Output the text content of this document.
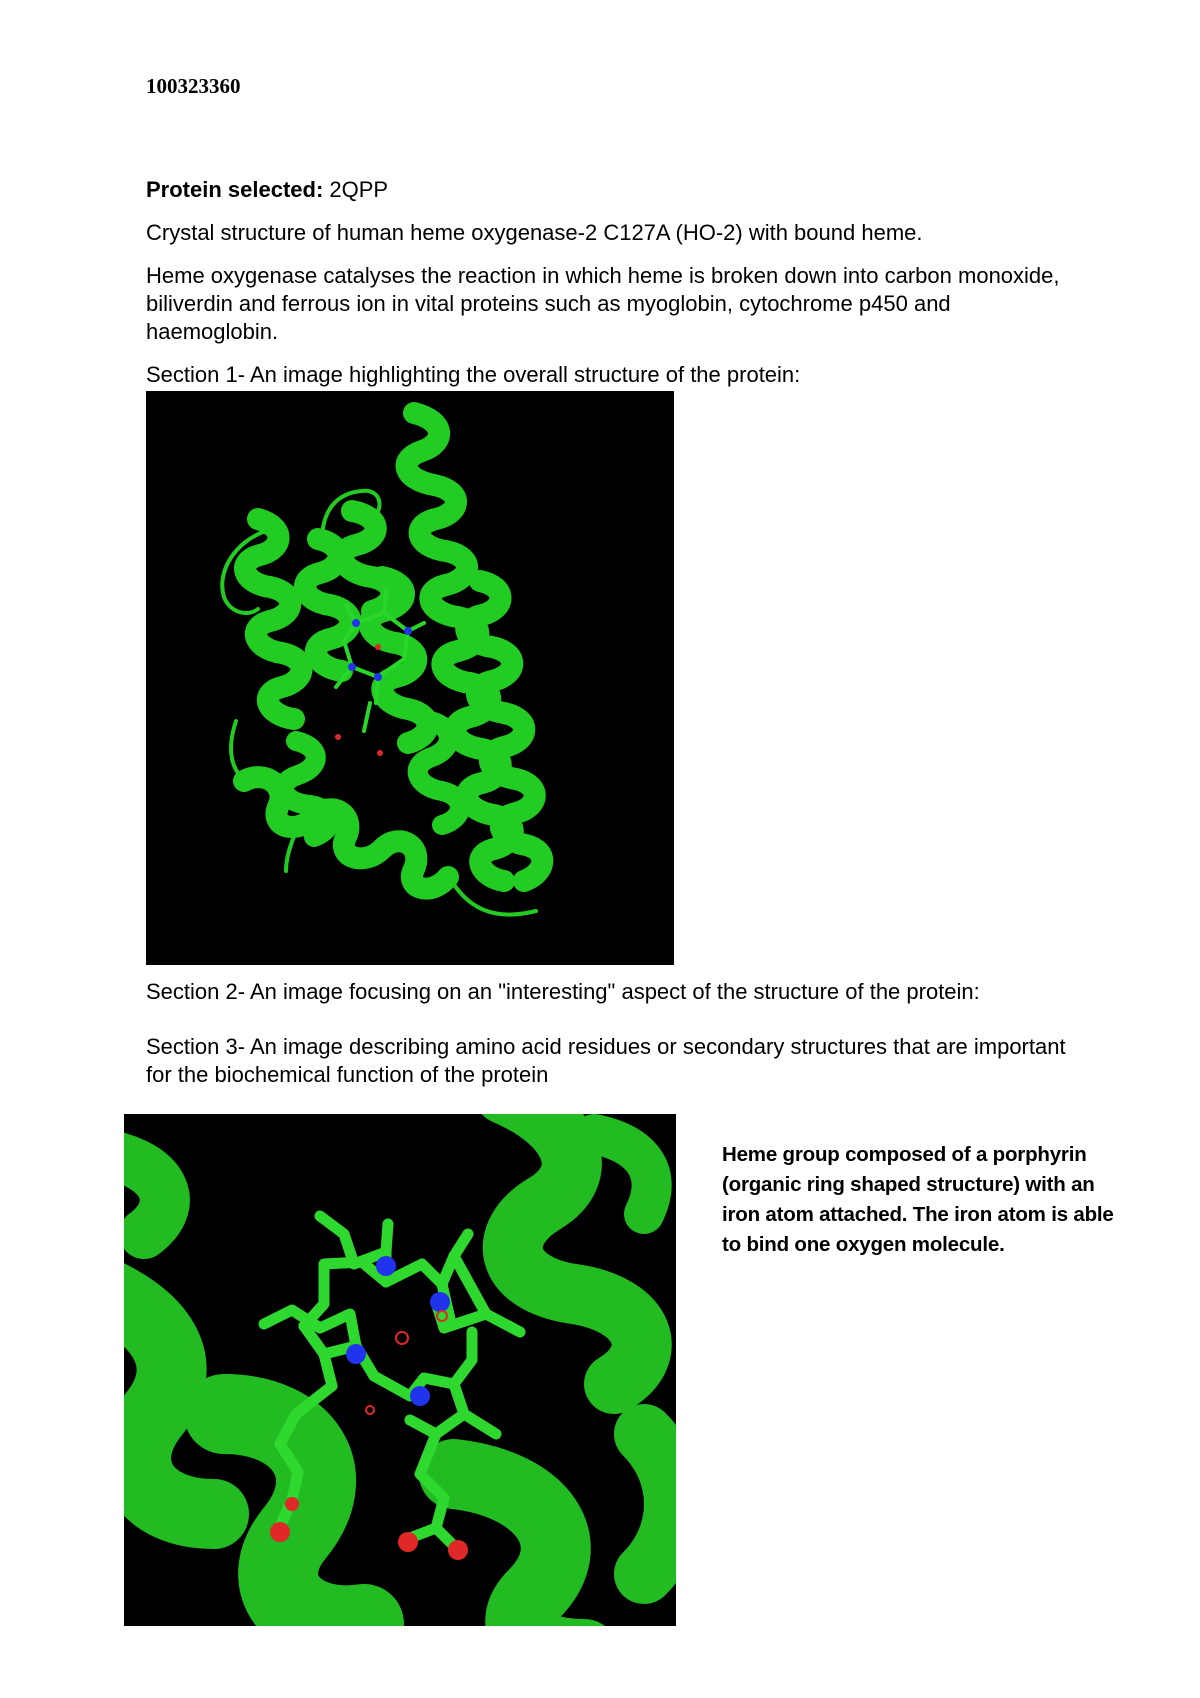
100323360
Protein selected: 2QPP
Crystal structure of human heme oxygenase-2 C127A (HO-2) with bound heme.
Heme oxygenase catalyses the reaction in which heme is broken down into carbon monoxide, biliverdin and ferrous ion in vital proteins such as myoglobin, cytochrome p450 and haemoglobin.
Section 1- An image highlighting the overall structure of the protein:
Section 2- An image focusing on an "interesting" aspect of the structure of the protein:
Section 3- An image describing amino acid residues or secondary structures that are important for the biochemical function of the protein
Heme group composed of a porphyrin (organic ring shaped structure) with an iron atom attached. The iron atom is able to bind one oxygen molecule.
